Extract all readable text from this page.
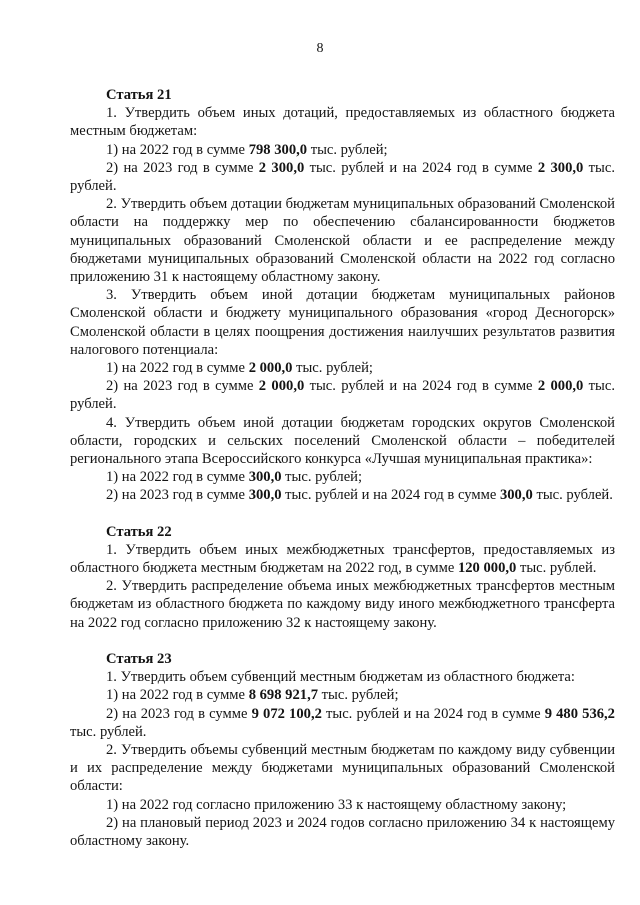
8

Статья 21

1. Утвердить объем иных дотаций, предоставляемых из областного бюджета местным бюджетам:

1) на 2022 год в сумме 798 300,0 тыс. рублей;

2) на 2023 год в сумме 2 300,0 тыс. рублей и на 2024 год в сумме 2 300,0 тыс. рублей.

2. Утвердить объем дотации бюджетам муниципальных образований Смоленской области на поддержку мер по обеспечению сбалансированности бюджетов муниципальных образований Смоленской области и ее распределение между бюджетами муниципальных образований Смоленской области на 2022 год согласно приложению 31 к настоящему областному закону.

3. Утвердить объем иной дотации бюджетам муниципальных районов Смоленской области и бюджету муниципального образования «город Десногорск» Смоленской области в целях поощрения достижения наилучших результатов развития налогового потенциала:

1) на 2022 год в сумме 2 000,0 тыс. рублей;

2) на 2023 год в сумме 2 000,0 тыс. рублей и на 2024 год в сумме 2 000,0 тыс. рублей.

4. Утвердить объем иной дотации бюджетам городских округов Смоленской области, городских и сельских поселений Смоленской области – победителей регионального этапа Всероссийского конкурса «Лучшая муниципальная практика»:

1) на 2022 год в сумме 300,0 тыс. рублей;

2) на 2023 год в сумме 300,0 тыс. рублей и на 2024 год в сумме 300,0 тыс. рублей.

Статья 22

1. Утвердить объем иных межбюджетных трансфертов, предоставляемых из областного бюджета местным бюджетам на 2022 год, в сумме 120 000,0 тыс. рублей.

2. Утвердить распределение объема иных межбюджетных трансфертов местным бюджетам из областного бюджета по каждому виду иного межбюджетного трансферта на 2022 год согласно приложению 32 к настоящему закону.

Статья 23

1. Утвердить объем субвенций местным бюджетам из областного бюджета:

1) на 2022 год в сумме 8 698 921,7 тыс. рублей;

2) на 2023 год в сумме 9 072 100,2 тыс. рублей и на 2024 год в сумме 9 480 536,2 тыс. рублей.

2. Утвердить объемы субвенций местным бюджетам по каждому виду субвенции и их распределение между бюджетами муниципальных образований Смоленской области:

1) на 2022 год согласно приложению 33 к настоящему областному закону;

2) на плановый период 2023 и 2024 годов согласно приложению 34 к настоящему областному закону.
